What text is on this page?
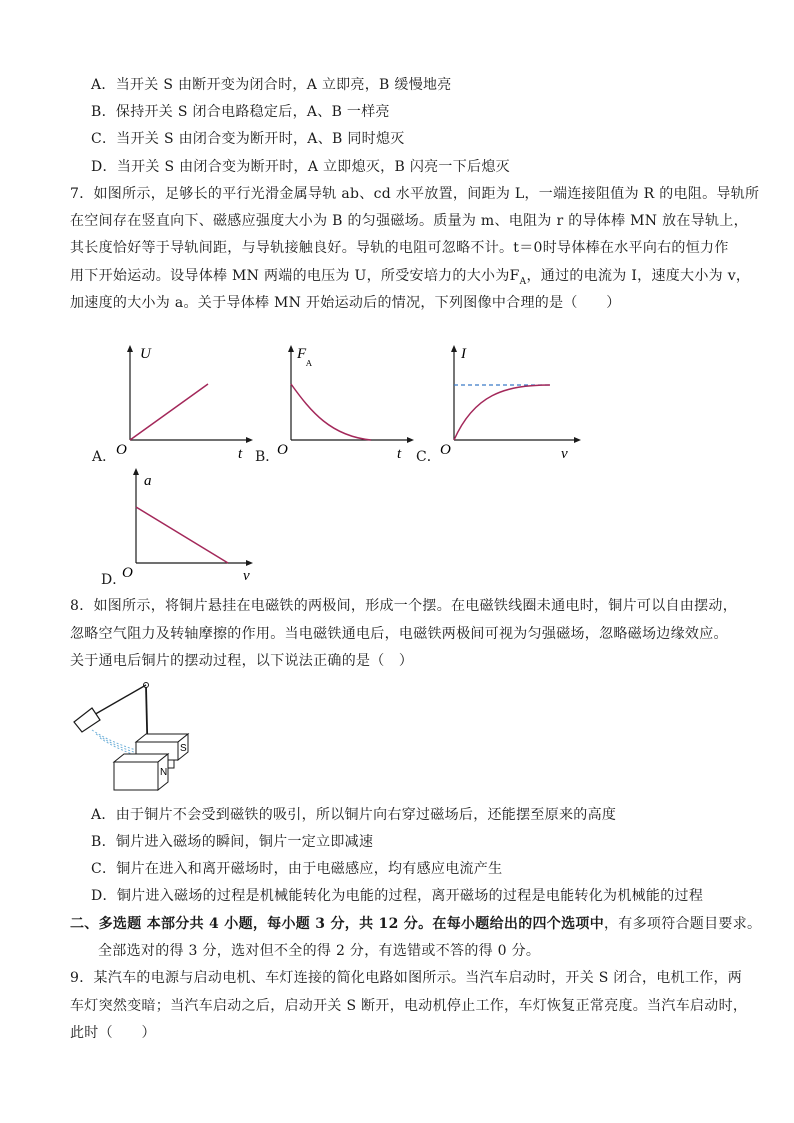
A．当开关 S 由断开变为闭合时，A 立即亮，B 缓慢地亮
B．保持开关 S 闭合电路稳定后，A、B 一样亮
C．当开关 S 由闭合变为断开时，A、B 同时熄灭
D．当开关 S 由闭合变为断开时，A 立即熄灭，B 闪亮一下后熄灭
7．如图所示，足够长的平行光滑金属导轨 ab、cd 水平放置，间距为 L，一端连接阻值为 R 的电阻。导轨所
在空间存在竖直向下、磁感应强度大小为 B 的匀强磁场。质量为 m、电阻为 r 的导体棒 MN 放在导轨上，
其长度恰好等于导轨间距，与导轨接触良好。导轨的电阻可忽略不计。t＝0时导体棒在水平向右的恒力作
用下开始运动。设导体棒 MN 两端的电压为 U，所受安培力的大小为$F_A$，通过的电流为 I，速度大小为 v，
加速度的大小为 a。关于导体棒 MN 开始运动后的情况，下列图像中合理的是（　　）
A．
U
O	t B．
F
A
O	t C．
I
O	v
D．
a
O	v
8．如图所示，将铜片悬挂在电磁铁的两极间，形成一个摆。在电磁铁线圈未通电时，铜片可以自由摆动，
忽略空气阻力及转轴摩擦的作用。当电磁铁通电后，电磁铁两极间可视为匀强磁场，忽略磁场边缘效应。
关于通电后铜片的摆动过程，以下说法正确的是（　）
S
N
A．由于铜片不会受到磁铁的吸引，所以铜片向右穿过磁场后，还能摆至原来的高度
B．铜片进入磁场的瞬间，铜片一定立即减速
C．铜片在进入和离开磁场时，由于电磁感应，均有感应电流产生
D．铜片进入磁场的过程是机械能转化为电能的过程，离开磁场的过程是电能转化为机械能的过程
二、多选题 本部分共 4 小题，每小题 3 分，共 12 分。在每小题给出的四个选项中，有多项符合题目要求。
全部选对的得 3 分，选对但不全的得 2 分，有选错或不答的得 0 分。
9．某汽车的电源与启动电机、车灯连接的简化电路如图所示。当汽车启动时，开关 S 闭合，电机工作，两
车灯突然变暗；当汽车启动之后，启动开关 S 断开，电动机停止工作，车灯恢复正常亮度。当汽车启动时，
此时（　　）
